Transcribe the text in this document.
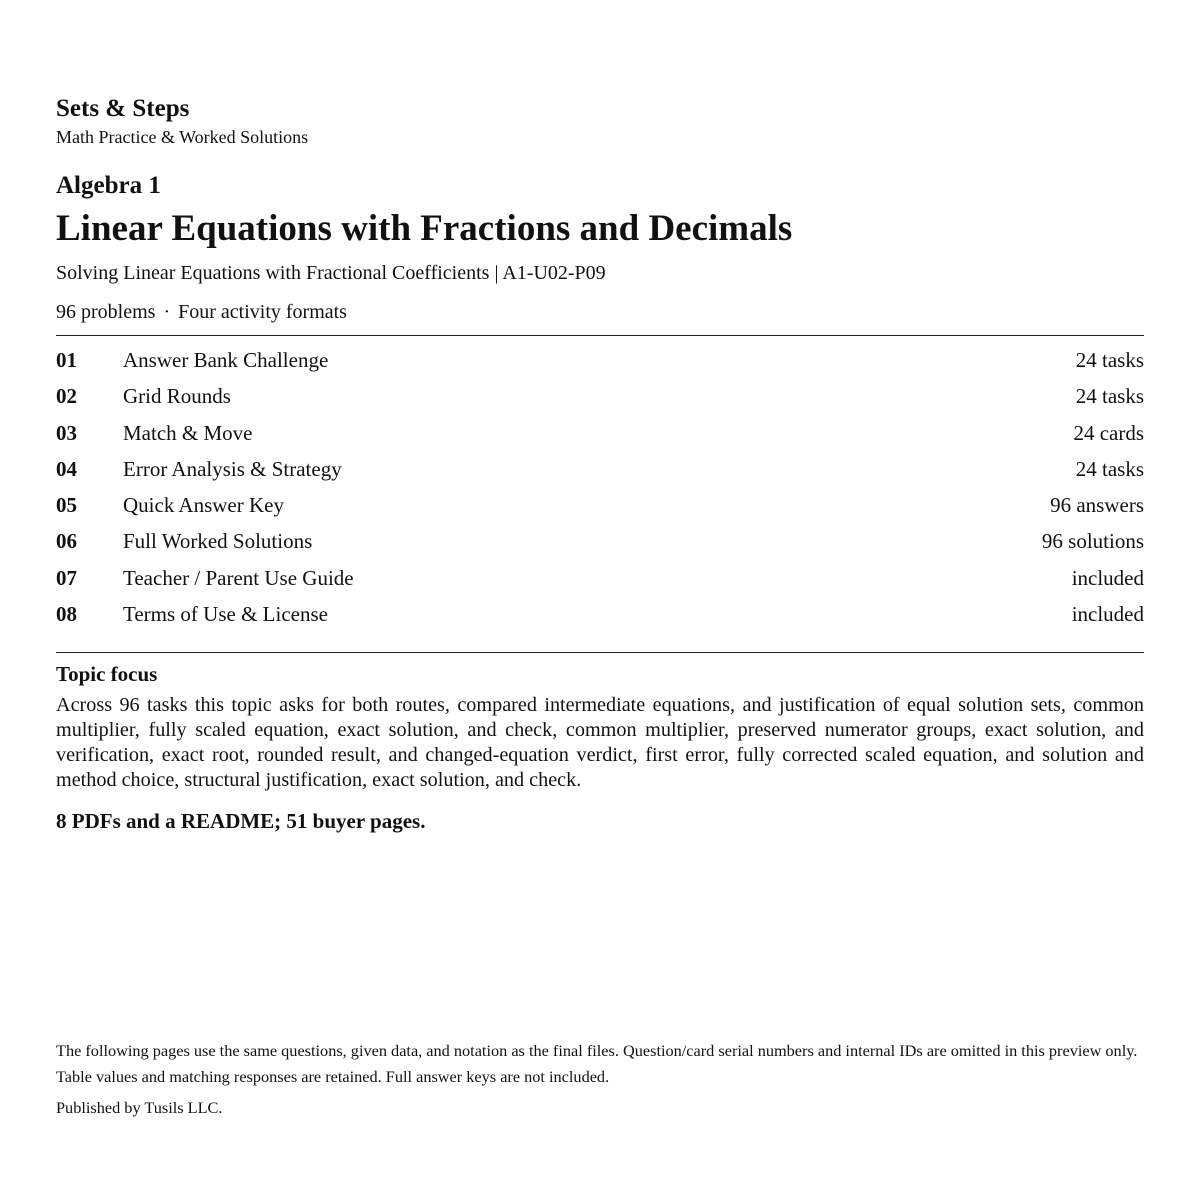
Sets & Steps
Math Practice & Worked Solutions
Algebra 1
Linear Equations with Fractions and Decimals
Solving Linear Equations with Fractional Coefficients | A1-U02-P09
96 problems · Four activity formats
01 Answer Bank Challenge	24 tasks
02 Grid Rounds	24 tasks
03 Match & Move	24 cards
04 Error Analysis & Strategy	24 tasks
05 Quick Answer Key	96 answers
06 Full Worked Solutions	96 solutions
07 Teacher / Parent Use Guide	included
08 Terms of Use & License	included
Topic focus

Across 96 tasks this topic asks for both routes, compared intermediate equations, and justification of equal solution sets, common multiplier, fully scaled equation, exact solution, and check, common multiplier, preserved numerator groups, exact solution, and verification, exact root, rounded result, and changed-equation verdict, first error, fully corrected scaled equation, and solution and method choice, structural justification, exact solution, and check.

8 PDFs and a README; 51 buyer pages.

The following pages use the same questions, given data, and notation as the final files. Question/card serial numbers and internal IDs are omitted in this preview only. Table values and matching responses are retained. Full answer keys are not included.

Published by Tusils LLC.
